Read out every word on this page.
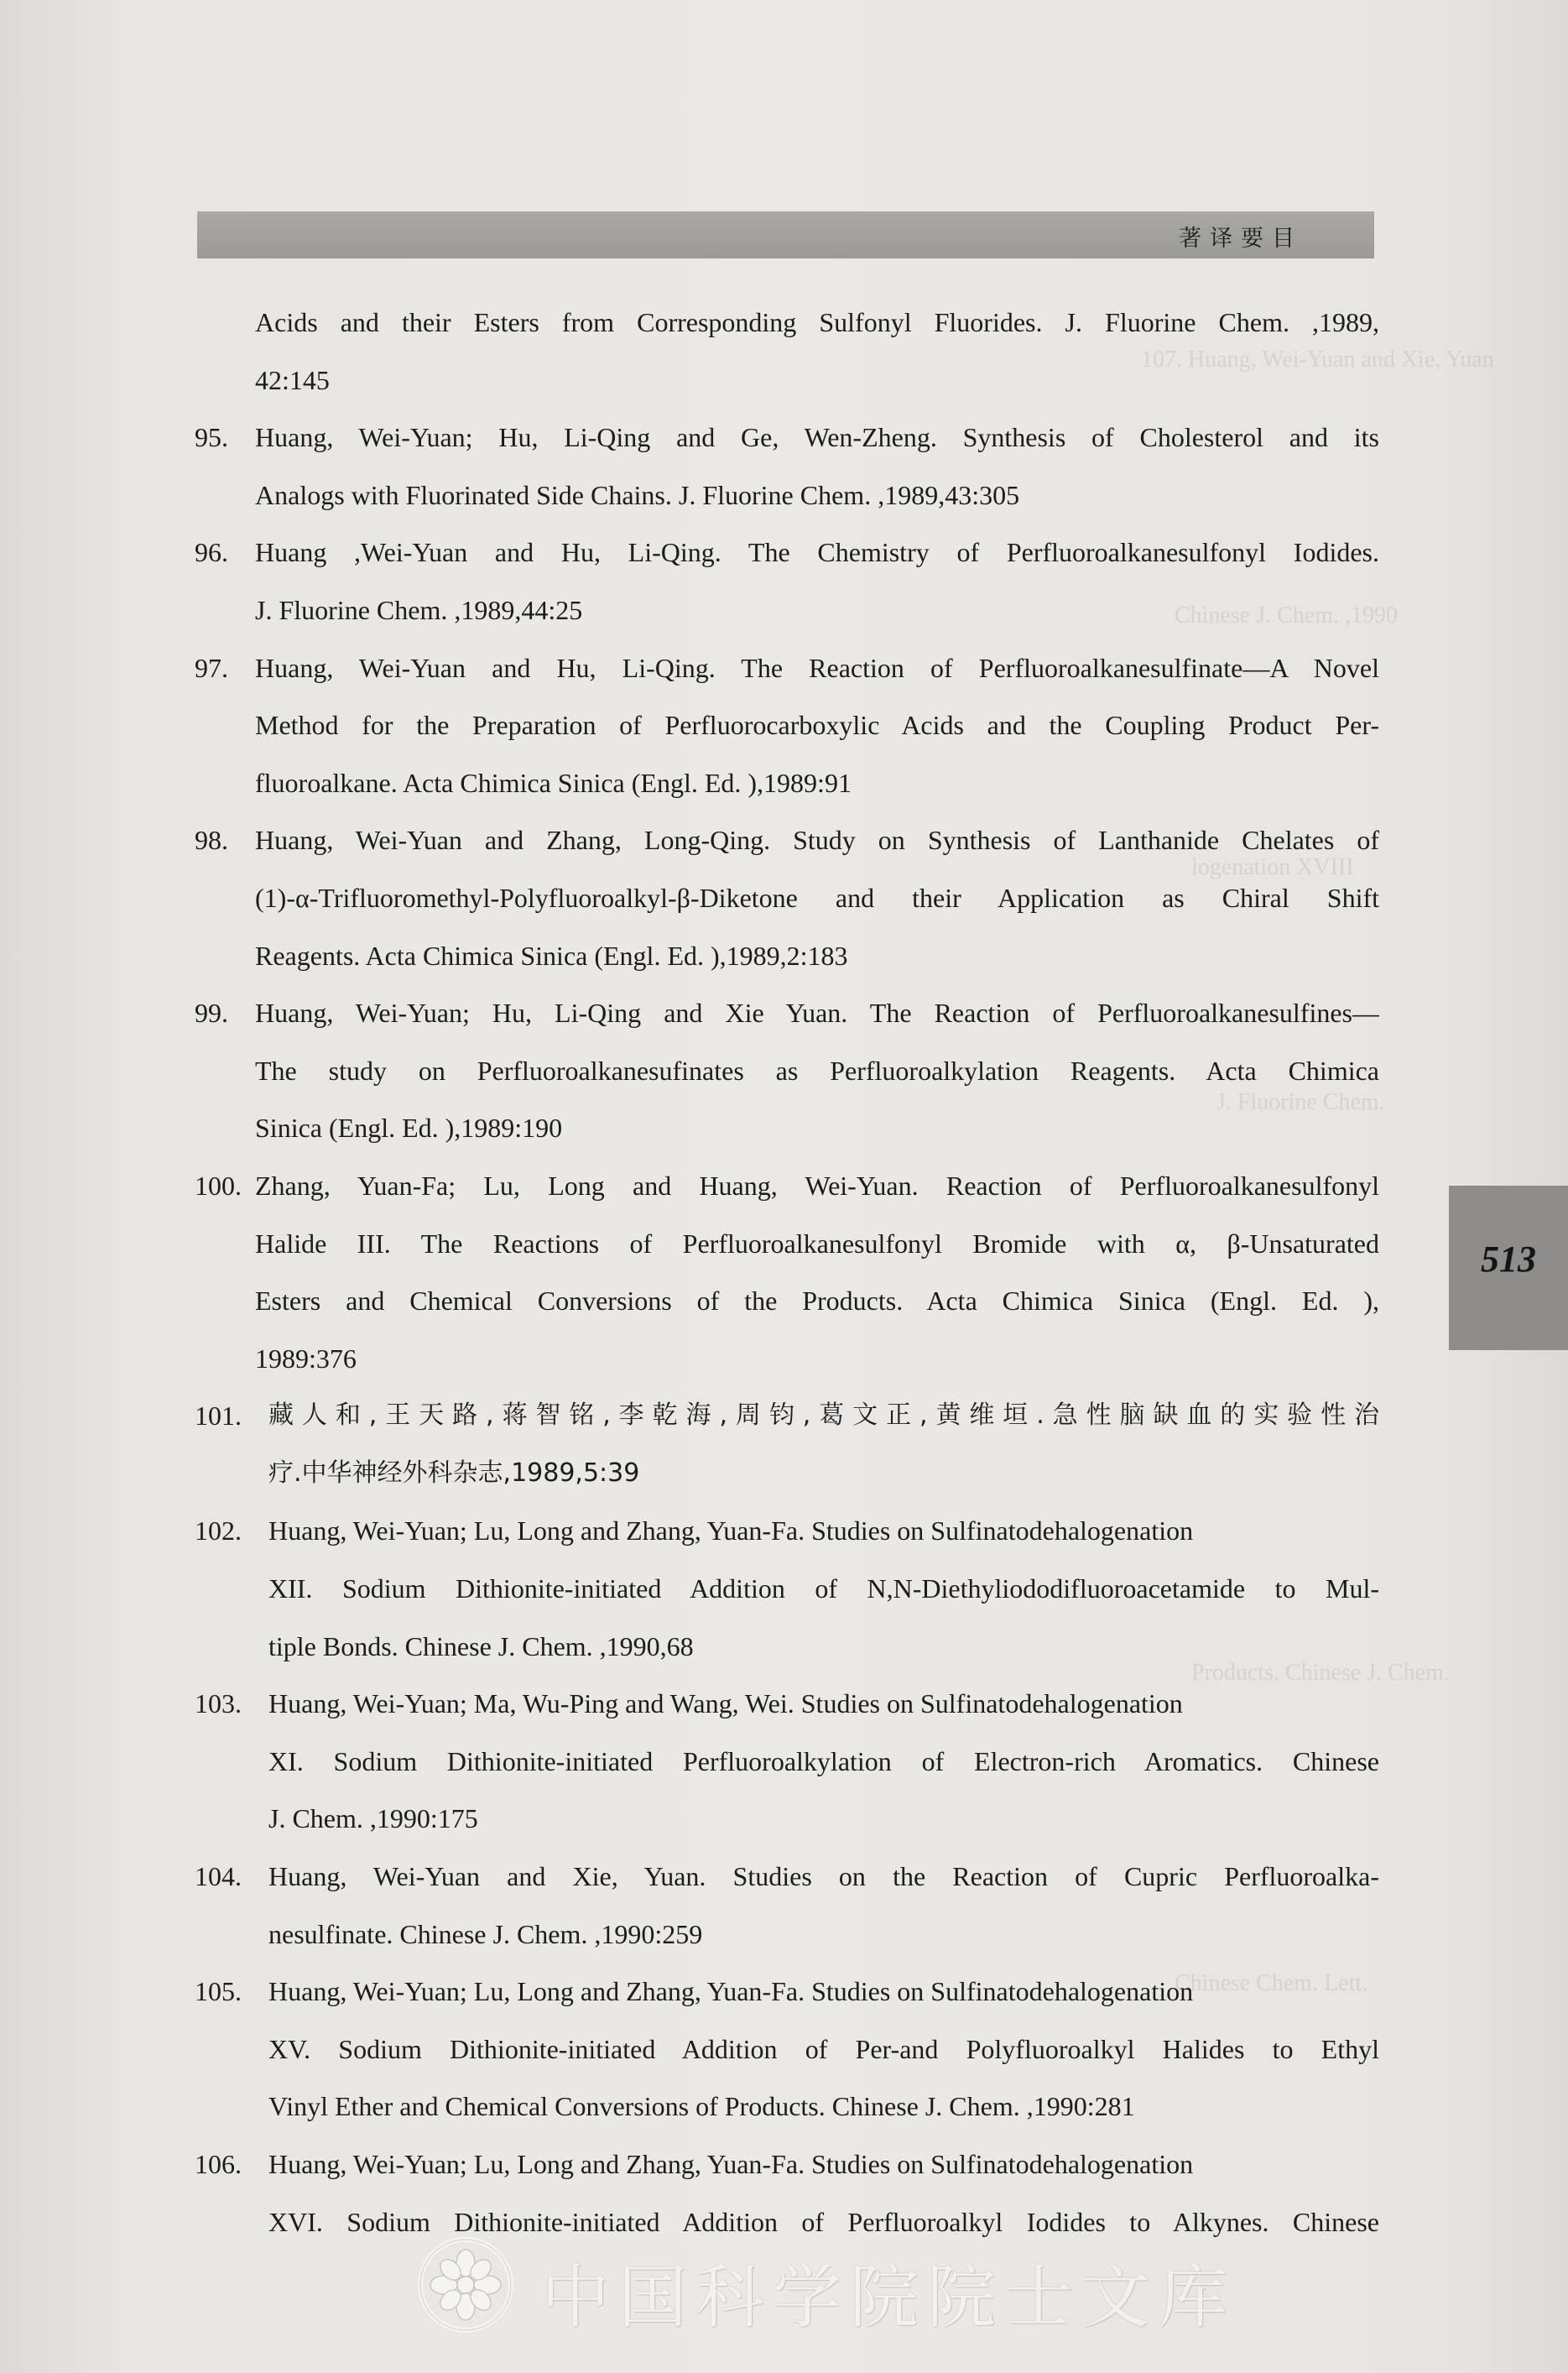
107. Huang, Wei-Yuan and Xie, Yuan
Chinese J. Chem. ,1990
logenation XVIII
J. Fluorine Chem.
Products. Chinese J. Chem.
Chinese Chem. Lett.
著译要目
Acids and their Esters from Corresponding Sulfonyl Fluorides. J. Fluorine Chem. ,1989,
42:145
95. Huang, Wei-Yuan; Hu, Li-Qing and Ge, Wen-Zheng. Synthesis of Cholesterol and its
Analogs with Fluorinated Side Chains. J. Fluorine Chem. ,1989,43:305
96. Huang ,Wei-Yuan and Hu, Li-Qing. The Chemistry of Perfluoroalkanesulfonyl Iodides.
J. Fluorine Chem. ,1989,44:25
97. Huang, Wei-Yuan and Hu, Li-Qing. The Reaction of Perfluoroalkanesulfinate—A Novel
Method for the Preparation of Perfluorocarboxylic Acids and the Coupling Product Per-
fluoroalkane. Acta Chimica Sinica (Engl. Ed. ),1989:91
98. Huang, Wei-Yuan and Zhang, Long-Qing. Study on Synthesis of Lanthanide Chelates of
(1)-α-Trifluoromethyl-Polyfluoroalkyl-β-Diketone and their Application as Chiral Shift
Reagents. Acta Chimica Sinica (Engl. Ed. ),1989,2:183
99. Huang, Wei-Yuan; Hu, Li-Qing and Xie Yuan. The Reaction of Perfluoroalkanesulfines—
The study on Perfluoroalkanesufinates as Perfluoroalkylation Reagents. Acta Chimica
Sinica (Engl. Ed. ),1989:190
100. Zhang, Yuan-Fa; Lu, Long and Huang, Wei-Yuan. Reaction of Perfluoroalkanesulfonyl
Halide III. The Reactions of Perfluoroalkanesulfonyl Bromide with α, β-Unsaturated
Esters and Chemical Conversions of the Products. Acta Chimica Sinica (Engl. Ed. ),
1989:376
101. 藏人和,王天路,蒋智铭,李乾海,周钧,葛文正,黄维垣.急性脑缺血的实验性治
疗.中华神经外科杂志,1989,5:39
102. Huang, Wei-Yuan; Lu, Long and Zhang, Yuan-Fa. Studies on Sulfinatodehalogenation
XII. Sodium Dithionite-initiated Addition of N,N-Diethyliododifluoroacetamide to Mul-
tiple Bonds. Chinese J. Chem. ,1990,68
103. Huang, Wei-Yuan; Ma, Wu-Ping and Wang, Wei. Studies on Sulfinatodehalogenation
XI. Sodium Dithionite-initiated Perfluoroalkylation of Electron-rich Aromatics. Chinese
J. Chem. ,1990:175
104. Huang, Wei-Yuan and Xie, Yuan. Studies on the Reaction of Cupric Perfluoroalka-
nesulfinate. Chinese J. Chem. ,1990:259
105. Huang, Wei-Yuan; Lu, Long and Zhang, Yuan-Fa. Studies on Sulfinatodehalogenation
XV. Sodium Dithionite-initiated Addition of Per-and Polyfluoroalkyl Halides to Ethyl
Vinyl Ether and Chemical Conversions of Products. Chinese J. Chem. ,1990:281
106. Huang, Wei-Yuan; Lu, Long and Zhang, Yuan-Fa. Studies on Sulfinatodehalogenation
XVI. Sodium Dithionite-initiated Addition of Perfluoroalkyl Iodides to Alkynes. Chinese
513
中国科学院院士文库
